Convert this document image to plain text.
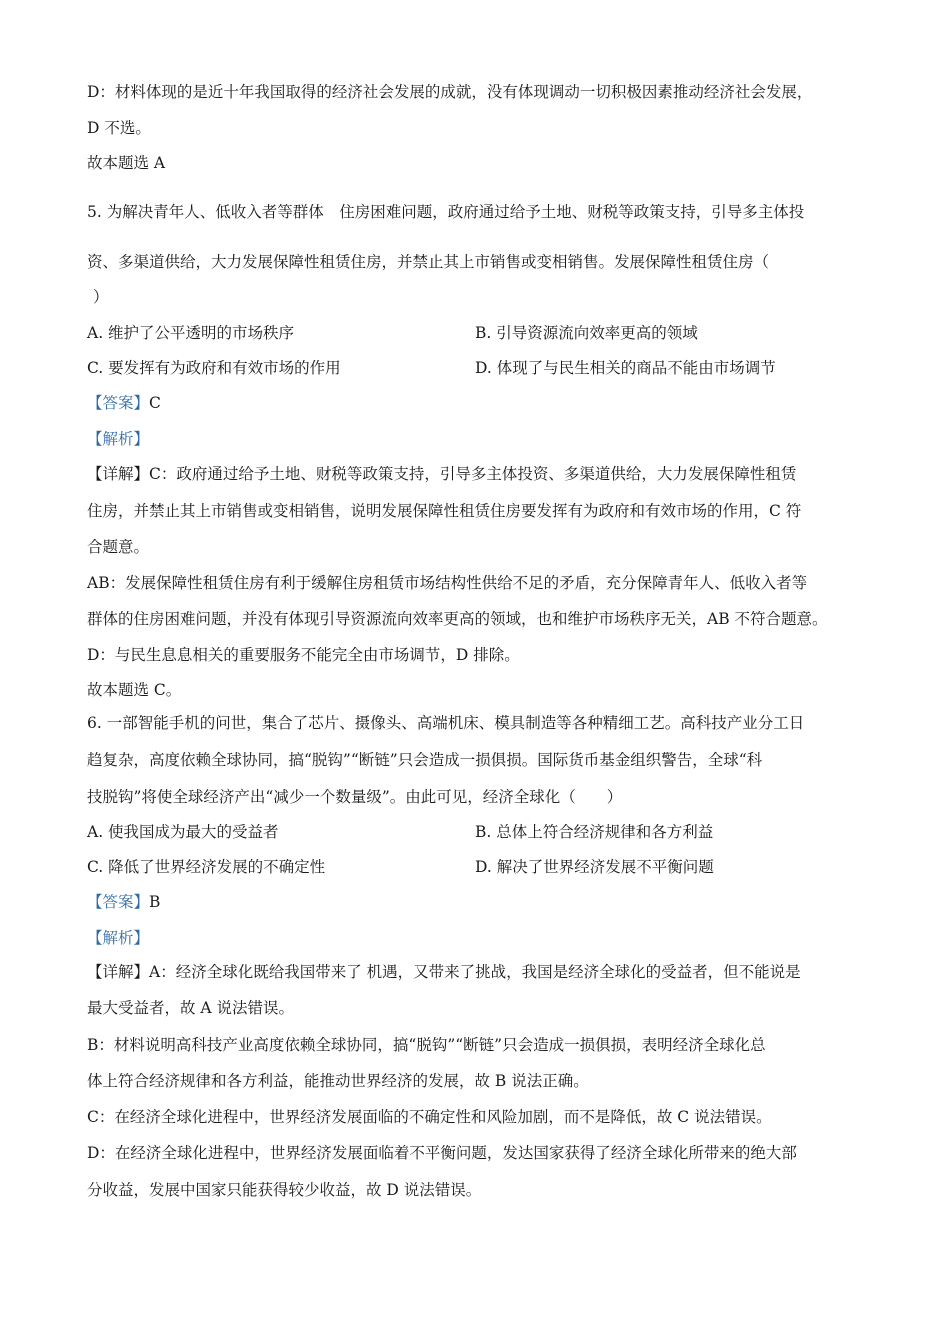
D：材料体现的是近十年我国取得的经济社会发展的成就，没有体现调动一切积极因素推动经济社会发展，

D 不选。

故本题选 A

5. 为解决青年人、低收入者等群体　住房困难问题，政府通过给予土地、财税等政策支持，引导多主体投

资、多渠道供给，大力发展保障性租赁住房，并禁止其上市销售或变相销售。发展保障性租赁住房（

）

A. 维护了公平透明的市场秩序	B. 引导资源流向效率更高的领域

C. 要发挥有为政府和有效市场的作用	D. 体现了与民生相关的商品不能由市场调节

【答案】C

【解析】

【详解】C：政府通过给予土地、财税等政策支持，引导多主体投资、多渠道供给，大力发展保障性租赁

住房，并禁止其上市销售或变相销售，说明发展保障性租赁住房要发挥有为政府和有效市场的作用，C 符

合题意。

AB：发展保障性租赁住房有利于缓解住房租赁市场结构性供给不足的矛盾，充分保障青年人、低收入者等

群体的住房困难问题，并没有体现引导资源流向效率更高的领域，也和维护市场秩序无关，AB 不符合题意。

D：与民生息息相关的重要服务不能完全由市场调节，D 排除。

故本题选 C。

6. 一部智能手机的问世，集合了芯片、摄像头、高端机床、模具制造等各种精细工艺。高科技产业分工日

趋复杂，高度依赖全球协同，搞“脱钩”“断链”只会造成一损俱损。国际货币基金组织警告，全球“科

技脱钩”将使全球经济产出“减少一个数量级”。由此可见，经济全球化（　　）

A. 使我国成为最大的受益者	B. 总体上符合经济规律和各方利益

C. 降低了世界经济发展的不确定性	D. 解决了世界经济发展不平衡问题

【答案】B

【解析】

【详解】A：经济全球化既给我国带来了 机遇，又带来了挑战，我国是经济全球化的受益者，但不能说是

最大受益者，故 A 说法错误。

B：材料说明高科技产业高度依赖全球协同，搞“脱钩”“断链”只会造成一损俱损，表明经济全球化总

体上符合经济规律和各方利益，能推动世界经济的发展，故 B 说法正确。

C：在经济全球化进程中，世界经济发展面临的不确定性和风险加剧，而不是降低，故 C 说法错误。

D：在经济全球化进程中，世界经济发展面临着不平衡问题，发达国家获得了经济全球化所带来的绝大部

分收益，发展中国家只能获得较少收益，故 D 说法错误。
